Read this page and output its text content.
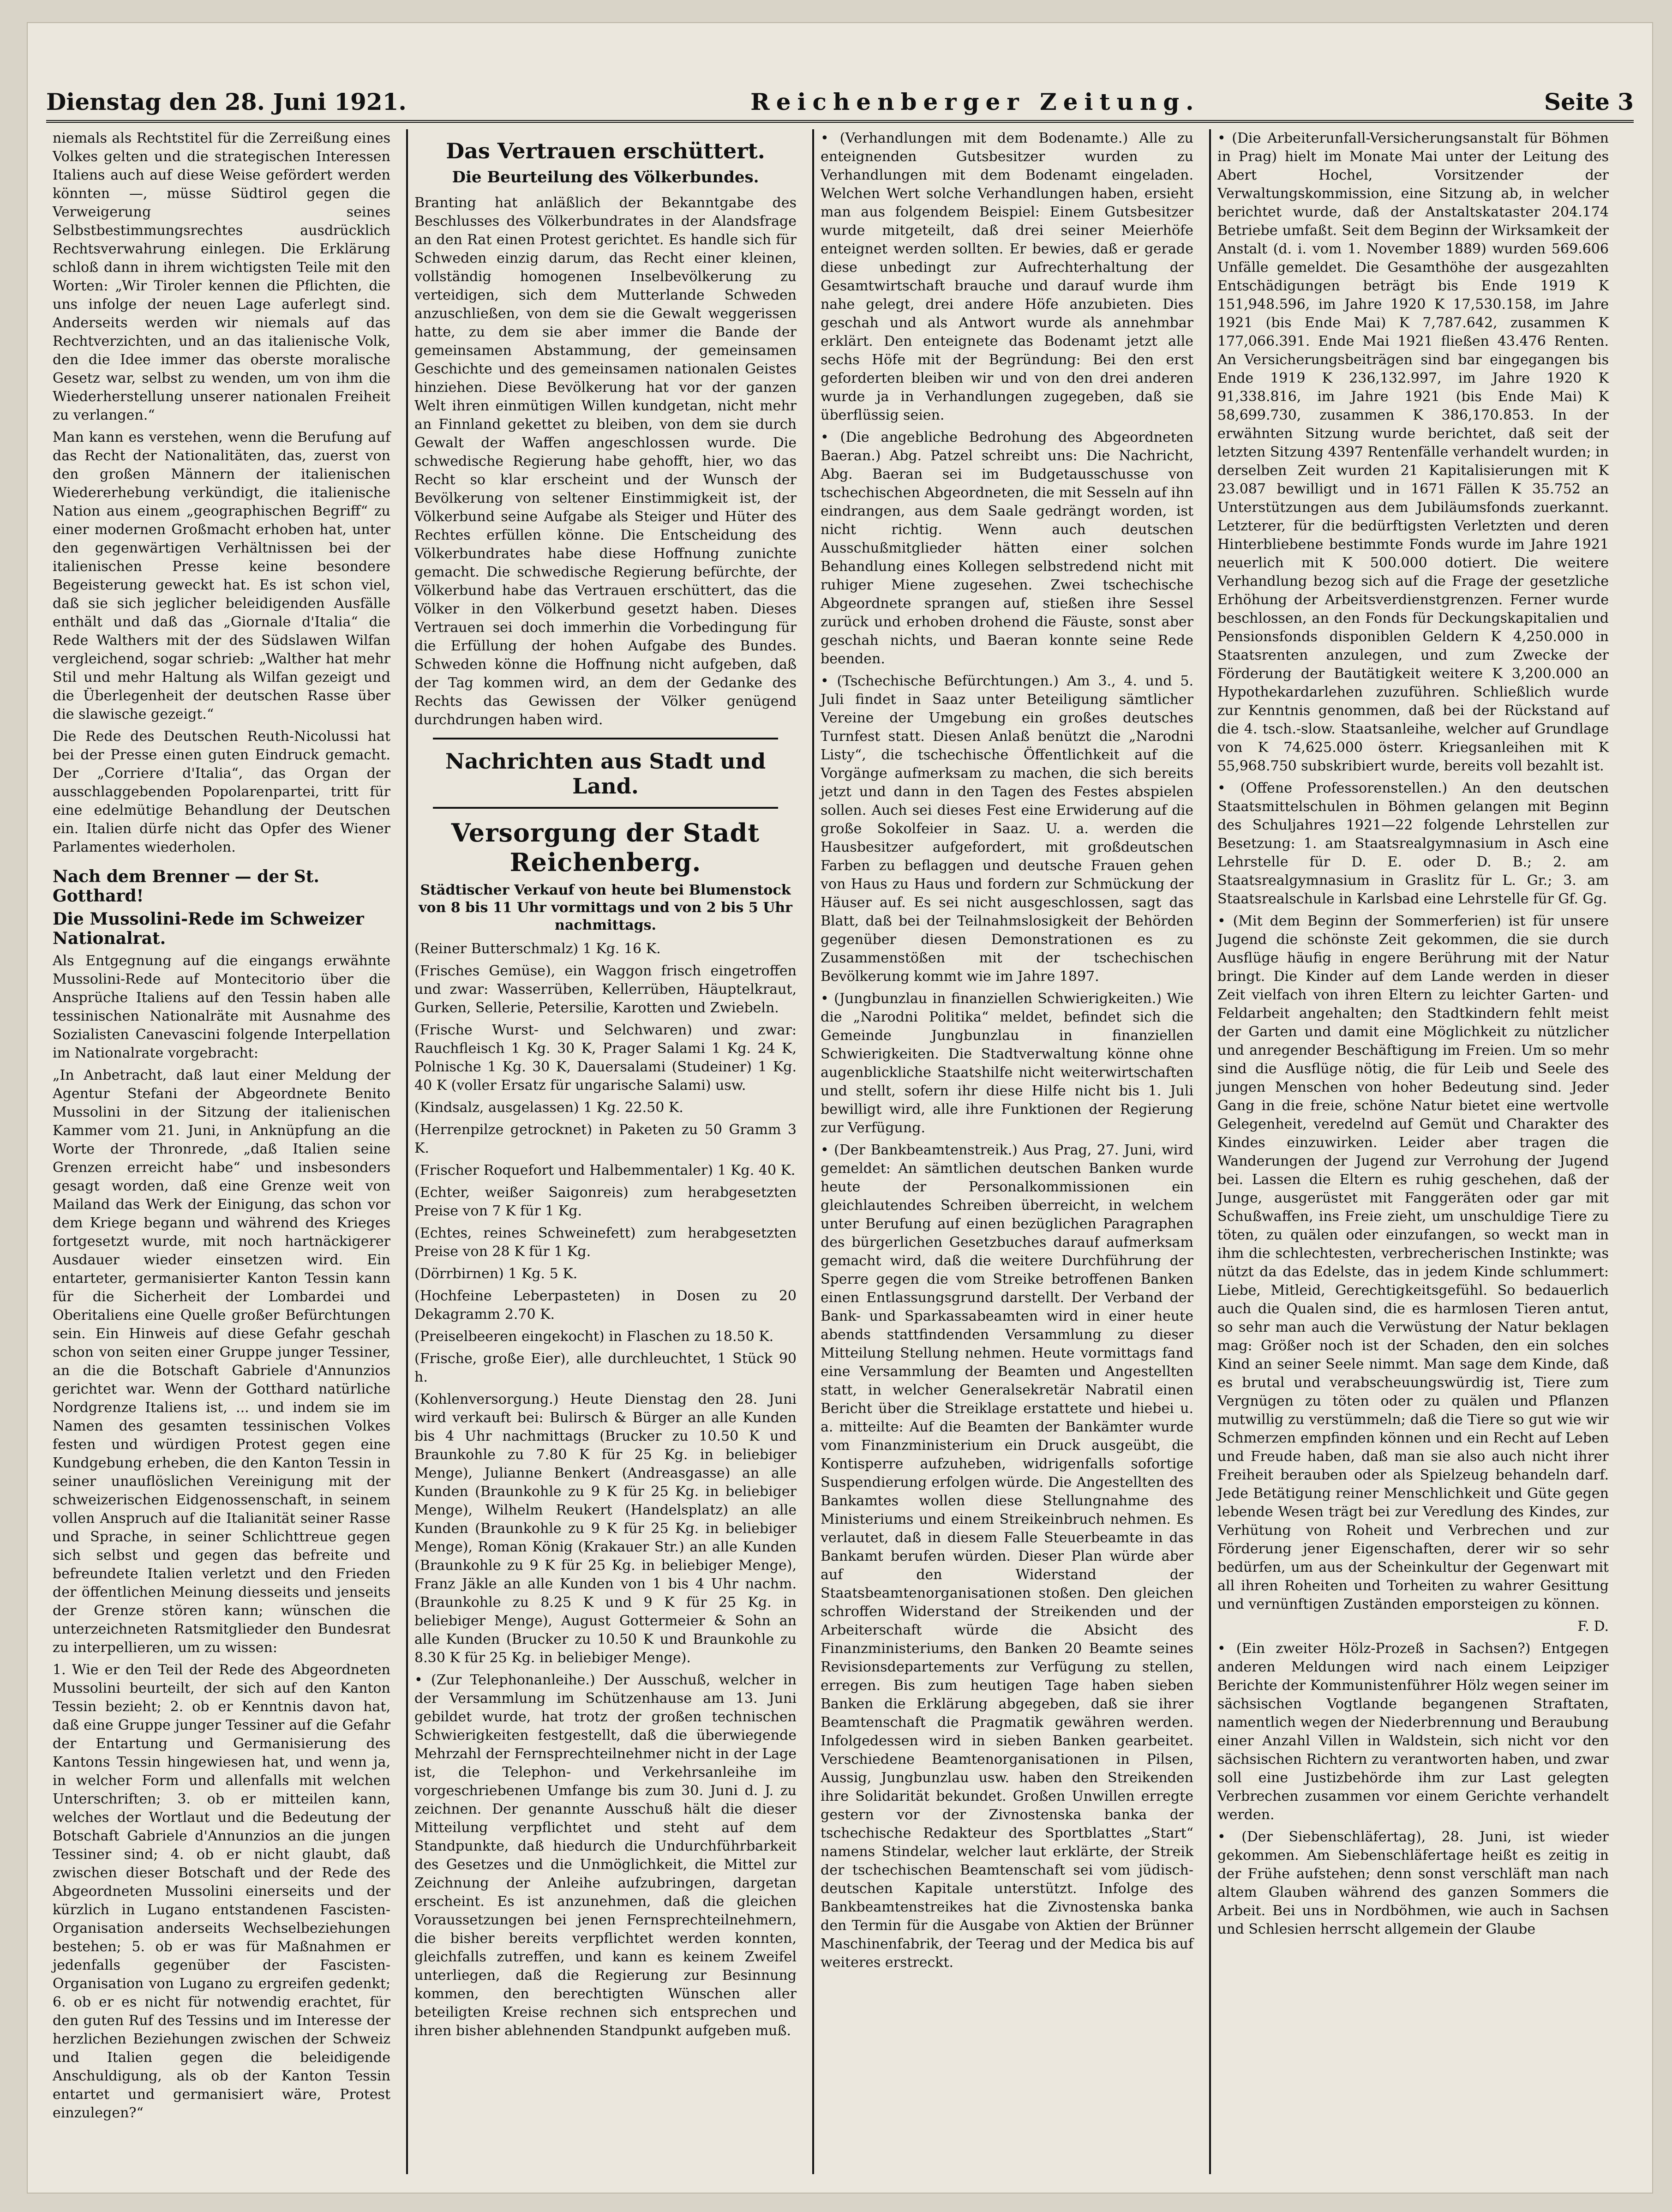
Dienstag den 28. Juni 1921.	Reichenberger Zeitung.	Seite 3

niemals als Rechtstitel für die Zerreißung eines Volkes gelten und die strategischen Interessen Italiens auch auf diese Weise gefördert werden könnten —, müsse Südtirol gegen die Verweigerung seines Selbstbestimmungsrechtes ausdrücklich Rechtsverwahrung einlegen. Die Erklärung schloß dann in ihrem wichtigsten Teile mit den Worten: „Wir Tiroler kennen die Pflichten, die uns infolge der neuen Lage auferlegt sind. Anderseits werden wir niemals auf das Rechtverzichten, und an das italienische Volk, den die Idee immer das oberste moralische Gesetz war, selbst zu wenden, um von ihm die Wiederherstellung unserer nationalen Freiheit zu verlangen.“

Man kann es verstehen, wenn die Berufung auf das Recht der Nationalitäten, das, zuerst von den großen Männern der italienischen Wiedererhebung verkündigt, die italienische Nation aus einem „geographischen Begriff“ zu einer modernen Großmacht erhoben hat, unter den gegenwärtigen Verhältnissen bei der italienischen Presse keine besondere Begeisterung geweckt hat. Es ist schon viel, daß sie sich jeglicher beleidigenden Ausfälle enthält und daß das „Giornale d'Italia“ die Rede Walthers mit der des Südslawen Wilfan vergleichend, sogar schrieb: „Walther hat mehr Stil und mehr Haltung als Wilfan gezeigt und die Überlegenheit der deutschen Rasse über die slawische gezeigt.“

Die Rede des Deutschen Reuth-Nicolussi hat bei der Presse einen guten Eindruck gemacht. Der „Corriere d'Italia“, das Organ der ausschlaggebenden Popolarenpartei, tritt für eine edelmütige Behandlung der Deutschen ein. Italien dürfe nicht das Opfer des Wiener Parlamentes wiederholen.

Nach dem Brenner — der St. Gotthard!
Die Mussolini-Rede im Schweizer Nationalrat.

Als Entgegnung auf die eingangs erwähnte Mussolini-Rede auf Montecitorio über die Ansprüche Italiens auf den Tessin haben alle tessinischen Nationalräte mit Ausnahme des Sozialisten Canevascini folgende Interpellation im Nationalrate vorgebracht:

„In Anbetracht, daß laut einer Meldung der Agentur Stefani der Abgeordnete Benito Mussolini in der Sitzung der italienischen Kammer vom 21. Juni, in Anknüpfung an die Worte der Thronrede, „daß Italien seine Grenzen erreicht habe“ und insbesonders gesagt worden, daß eine Grenze weit von Mailand das Werk der Einigung, das schon vor dem Kriege begann und während des Krieges fortgesetzt wurde, mit noch hartnäckigerer Ausdauer wieder einsetzen wird. Ein entarteter, germanisierter Kanton Tessin kann für die Sicherheit der Lombardei und Oberitaliens eine Quelle großer Befürchtungen sein. Ein Hinweis auf diese Gefahr geschah schon von seiten einer Gruppe junger Tessiner, an die die Botschaft Gabriele d'Annunzios gerichtet war. Wenn der Gotthard natürliche Nordgrenze Italiens ist, ... und indem sie im Namen des gesamten tessinischen Volkes festen und würdigen Protest gegen eine Kundgebung erheben, die den Kanton Tessin in seiner unauflöslichen Vereinigung mit der schweizerischen Eidgenossenschaft, in seinem vollen Anspruch auf die Italianität seiner Rasse und Sprache, in seiner Schlichttreue gegen sich selbst und gegen das befreite und befreundete Italien verletzt und den Frieden der öffentlichen Meinung diesseits und jenseits der Grenze stören kann; wünschen die unterzeichneten Ratsmitglieder den Bundesrat zu interpellieren, um zu wissen:

1. Wie er den Teil der Rede des Abgeordneten Mussolini beurteilt, der sich auf den Kanton Tessin bezieht; 2. ob er Kenntnis davon hat, daß eine Gruppe junger Tessiner auf die Gefahr der Entartung und Germanisierung des Kantons Tessin hingewiesen hat, und wenn ja, in welcher Form und allenfalls mit welchen Unterschriften; 3. ob er mitteilen kann, welches der Wortlaut und die Bedeutung der Botschaft Gabriele d'Annunzios an die jungen Tessiner sind; 4. ob er nicht glaubt, daß zwischen dieser Botschaft und der Rede des Abgeordneten Mussolini einerseits und der kürzlich in Lugano entstandenen Fascisten-Organisation anderseits Wechselbeziehungen bestehen; 5. ob er was für Maßnahmen er jedenfalls gegenüber der Fascisten-Organisation von Lugano zu ergreifen gedenkt; 6. ob er es nicht für notwendig erachtet, für den guten Ruf des Tessins und im Interesse der herzlichen Beziehungen zwischen der Schweiz und Italien gegen die beleidigende Anschuldigung, als ob der Kanton Tessin entartet und germanisiert wäre, Protest einzulegen?“

Das Vertrauen erschüttert.
Die Beurteilung des Völkerbundes.

Branting hat anläßlich der Bekanntgabe des Beschlusses des Völkerbundrates in der Alandsfrage an den Rat einen Protest gerichtet. Es handle sich für Schweden einzig darum, das Recht einer kleinen, vollständig homogenen Inselbevölkerung zu verteidigen, sich dem Mutterlande Schweden anzuschließen, von dem sie die Gewalt weggerissen hatte, zu dem sie aber immer die Bande der gemeinsamen Abstammung, der gemeinsamen Geschichte und des gemeinsamen nationalen Geistes hinziehen. Diese Bevölkerung hat vor der ganzen Welt ihren einmütigen Willen kundgetan, nicht mehr an Finnland gekettet zu bleiben, von dem sie durch Gewalt der Waffen angeschlossen wurde. Die schwedische Regierung habe gehofft, hier, wo das Recht so klar erscheint und der Wunsch der Bevölkerung von seltener Einstimmigkeit ist, der Völkerbund seine Aufgabe als Steiger und Hüter des Rechtes erfüllen könne. Die Entscheidung des Völkerbundrates habe diese Hoffnung zunichte gemacht. Die schwedische Regierung befürchte, der Völkerbund habe das Vertrauen erschüttert, das die Völker in den Völkerbund gesetzt haben. Dieses Vertrauen sei doch immerhin die Vorbedingung für die Erfüllung der hohen Aufgabe des Bundes. Schweden könne die Hoffnung nicht aufgeben, daß der Tag kommen wird, an dem der Gedanke des Rechts das Gewissen der Völker genügend durchdrungen haben wird.

Nachrichten aus Stadt und Land.
Versorgung der Stadt Reichenberg.
Städtischer Verkauf von heute bei Blumenstock von 8 bis 11 Uhr vormittags und von 2 bis 5 Uhr nachmittags.

(Reiner Butterschmalz) 1 Kg. 16 K.

(Frisches Gemüse), ein Waggon frisch eingetroffen und zwar: Wasserrüben, Kellerrüben, Häuptelkraut, Gurken, Sellerie, Petersilie, Karotten und Zwiebeln.

(Frische Wurst- und Selchwaren) und zwar: Rauchfleisch 1 Kg. 30 K, Prager Salami 1 Kg. 24 K, Polnische 1 Kg. 30 K, Dauersalami (Studeiner) 1 Kg. 40 K (voller Ersatz für ungarische Salami) usw.

(Kindsalz, ausgelassen) 1 Kg. 22.50 K.

(Herrenpilze getrocknet) in Paketen zu 50 Gramm 3 K.

(Frischer Roquefort und Halbemmentaler) 1 Kg. 40 K.

(Echter, weißer Saigonreis) zum herabgesetzten Preise von 7 K für 1 Kg.

(Echtes, reines Schweinefett) zum herabgesetzten Preise von 28 K für 1 Kg.

(Dörrbirnen) 1 Kg. 5 K.

(Hochfeine Leberpasteten) in Dosen zu 20 Dekagramm 2.70 K.

(Preiselbeeren eingekocht) in Flaschen zu 18.50 K.

(Frische, große Eier), alle durchleuchtet, 1 Stück 90 h.

(Kohlenversorgung.) Heute Dienstag den 28. Juni wird verkauft bei: Bulirsch & Bürger an alle Kunden bis 4 Uhr nachmittags (Brucker zu 10.50 K und Braunkohle zu 7.80 K für 25 Kg. in beliebiger Menge), Julianne Benkert (Andreasgasse) an alle Kunden (Braunkohle zu 9 K für 25 Kg. in beliebiger Menge), Wilhelm Reukert (Handelsplatz) an alle Kunden (Braunkohle zu 9 K für 25 Kg. in beliebiger Menge), Roman König (Krakauer Str.) an alle Kunden (Braunkohle zu 9 K für 25 Kg. in beliebiger Menge), Franz Jäkle an alle Kunden von 1 bis 4 Uhr nachm. (Braunkohle zu 8.25 K und 9 K für 25 Kg. in beliebiger Menge), August Gottermeier & Sohn an alle Kunden (Brucker zu 10.50 K und Braunkohle zu 8.30 K für 25 Kg. in beliebiger Menge).

• (Zur Telephonanleihe.) Der Ausschuß, welcher in der Versammlung im Schützenhause am 13. Juni gebildet wurde, hat trotz der großen technischen Schwierigkeiten festgestellt, daß die überwiegende Mehrzahl der Fernsprechteilnehmer nicht in der Lage ist, die Telephon- und Verkehrsanleihe im vorgeschriebenen Umfange bis zum 30. Juni d. J. zu zeichnen. Der genannte Ausschuß hält die dieser Mitteilung verpflichtet und steht auf dem Standpunkte, daß hiedurch die Undurchführbarkeit des Gesetzes und die Unmöglichkeit, die Mittel zur Zeichnung der Anleihe aufzubringen, dargetan erscheint. Es ist anzunehmen, daß die gleichen Voraussetzungen bei jenen Fernsprechteilnehmern, die bisher bereits verpflichtet werden konnten, gleichfalls zutreffen, und kann es keinem Zweifel unterliegen, daß die Regierung zur Besinnung kommen, den berechtigten Wünschen aller beteiligten Kreise rechnen sich entsprechen und ihren bisher ablehnenden Standpunkt aufgeben muß.

• (Verhandlungen mit dem Bodenamte.) Alle zu enteignenden Gutsbesitzer wurden zu Verhandlungen mit dem Bodenamt eingeladen. Welchen Wert solche Verhandlungen haben, ersieht man aus folgendem Beispiel: Einem Gutsbesitzer wurde mitgeteilt, daß drei seiner Meierhöfe enteignet werden sollten. Er bewies, daß er gerade diese unbedingt zur Aufrechterhaltung der Gesamtwirtschaft brauche und darauf wurde ihm nahe gelegt, drei andere Höfe anzubieten. Dies geschah und als Antwort wurde als annehmbar erklärt. Den enteignete das Bodenamt jetzt alle sechs Höfe mit der Begründung: Bei den erst geforderten bleiben wir und von den drei anderen wurde ja in Verhandlungen zugegeben, daß sie überflüssig seien.

• (Die angebliche Bedrohung des Abgeordneten Baeran.) Abg. Patzel schreibt uns: Die Nachricht, Abg. Baeran sei im Budgetausschusse von tschechischen Abgeordneten, die mit Sesseln auf ihn eindrangen, aus dem Saale gedrängt worden, ist nicht richtig. Wenn auch deutschen Ausschußmitglieder hätten einer solchen Behandlung eines Kollegen selbstredend nicht mit ruhiger Miene zugesehen. Zwei tschechische Abgeordnete sprangen auf, stießen ihre Sessel zurück und erhoben drohend die Fäuste, sonst aber geschah nichts, und Baeran konnte seine Rede beenden.

• (Tschechische Befürchtungen.) Am 3., 4. und 5. Juli findet in Saaz unter Beteiligung sämtlicher Vereine der Umgebung ein großes deutsches Turnfest statt. Diesen Anlaß benützt die „Narodni Listy“, die tschechische Öffentlichkeit auf die Vorgänge aufmerksam zu machen, die sich bereits jetzt und dann in den Tagen des Festes abspielen sollen. Auch sei dieses Fest eine Erwiderung auf die große Sokolfeier in Saaz. U. a. werden die Hausbesitzer aufgefordert, mit großdeutschen Farben zu beflaggen und deutsche Frauen gehen von Haus zu Haus und fordern zur Schmückung der Häuser auf. Es sei nicht ausgeschlossen, sagt das Blatt, daß bei der Teilnahmslosigkeit der Behörden gegenüber diesen Demonstrationen es zu Zusammenstößen mit der tschechischen Bevölkerung kommt wie im Jahre 1897.

• (Jungbunzlau in finanziellen Schwierigkeiten.) Wie die „Narodni Politika“ meldet, befindet sich die Gemeinde Jungbunzlau in finanziellen Schwierigkeiten. Die Stadtverwaltung könne ohne augenblickliche Staatshilfe nicht weiterwirtschaften und stellt, sofern ihr diese Hilfe nicht bis 1. Juli bewilligt wird, alle ihre Funktionen der Regierung zur Verfügung.

• (Der Bankbeamtenstreik.) Aus Prag, 27. Juni, wird gemeldet: An sämtlichen deutschen Banken wurde heute der Personalkommissionen ein gleichlautendes Schreiben überreicht, in welchem unter Berufung auf einen bezüglichen Paragraphen des bürgerlichen Gesetzbuches darauf aufmerksam gemacht wird, daß die weitere Durchführung der Sperre gegen die vom Streike betroffenen Banken einen Entlassungsgrund darstellt. Der Verband der Bank- und Sparkassabeamten wird in einer heute abends stattfindenden Versammlung zu dieser Mitteilung Stellung nehmen. Heute vormittags fand eine Versammlung der Beamten und Angestellten statt, in welcher Generalsekretär Nabratil einen Bericht über die Streiklage erstattete und hiebei u. a. mitteilte: Auf die Beamten der Bankämter wurde vom Finanzministerium ein Druck ausgeübt, die Kontisperre aufzuheben, widrigenfalls sofortige Suspendierung erfolgen würde. Die Angestellten des Bankamtes wollen diese Stellungnahme des Ministeriums und einem Streikeinbruch nehmen. Es verlautet, daß in diesem Falle Steuerbeamte in das Bankamt berufen würden. Dieser Plan würde aber auf den Widerstand der Staatsbeamtenorganisationen stoßen. Den gleichen schroffen Widerstand der Streikenden und der Arbeiterschaft würde die Absicht des Finanzministeriums, den Banken 20 Beamte seines Revisionsdepartements zur Verfügung zu stellen, erregen. Bis zum heutigen Tage haben sieben Banken die Erklärung abgegeben, daß sie ihrer Beamtenschaft die Pragmatik gewähren werden. Infolgedessen wird in sieben Banken gearbeitet. Verschiedene Beamtenorganisationen in Pilsen, Aussig, Jungbunzlau usw. haben den Streikenden ihre Solidarität bekundet. Großen Unwillen erregte gestern vor der Zivnostenska banka der tschechische Redakteur des Sportblattes „Start“ namens Stindelar, welcher laut erklärte, der Streik der tschechischen Beamtenschaft sei vom jüdisch-deutschen Kapitale unterstützt. Infolge des Bankbeamtenstreikes hat die Zivnostenska banka den Termin für die Ausgabe von Aktien der Brünner Maschinenfabrik, der Teerag und der Medica bis auf weiteres erstreckt.

• (Die Arbeiterunfall-Versicherungsanstalt für Böhmen in Prag) hielt im Monate Mai unter der Leitung des Abert Hochel, Vorsitzender der Verwaltungskommission, eine Sitzung ab, in welcher berichtet wurde, daß der Anstaltskataster 204.174 Betriebe umfaßt. Seit dem Beginn der Wirksamkeit der Anstalt (d. i. vom 1. November 1889) wurden 569.606 Unfälle gemeldet. Die Gesamthöhe der ausgezahlten Entschädigungen beträgt bis Ende 1919 K 151,948.596, im Jahre 1920 K 17,530.158, im Jahre 1921 (bis Ende Mai) K 7,787.642, zusammen K 177,066.391. Ende Mai 1921 fließen 43.476 Renten. An Versicherungsbeiträgen sind bar eingegangen bis Ende 1919 K 236,132.997, im Jahre 1920 K 91,338.816, im Jahre 1921 (bis Ende Mai) K 58,699.730, zusammen K 386,170.853. In der erwähnten Sitzung wurde berichtet, daß seit der letzten Sitzung 4397 Rentenfälle verhandelt wurden; in derselben Zeit wurden 21 Kapitalisierungen mit K 23.087 bewilligt und in 1671 Fällen K 35.752 an Unterstützungen aus dem Jubiläumsfonds zuerkannt. Letzterer, für die bedürftigsten Verletzten und deren Hinterbliebene bestimmte Fonds wurde im Jahre 1921 neuerlich mit K 500.000 dotiert. Die weitere Verhandlung bezog sich auf die Frage der gesetzliche Erhöhung der Arbeitsverdienstgrenzen. Ferner wurde beschlossen, an den Fonds für Deckungskapitalien und Pensionsfonds disponiblen Geldern K 4,250.000 in Staatsrenten anzulegen, und zum Zwecke der Förderung der Bautätigkeit weitere K 3,200.000 an Hypothekardarlehen zuzuführen. Schließlich wurde zur Kenntnis genommen, daß bei der Rückstand auf die 4. tsch.-slow. Staatsanleihe, welcher auf Grundlage von K 74,625.000 österr. Kriegsanleihen mit K 55,968.750 subskribiert wurde, bereits voll bezahlt ist.

• (Offene Professorenstellen.) An den deutschen Staatsmittelschulen in Böhmen gelangen mit Beginn des Schuljahres 1921—22 folgende Lehrstellen zur Besetzung: 1. am Staatsrealgymnasium in Asch eine Lehrstelle für D. E. oder D. B.; 2. am Staatsrealgymnasium in Graslitz für L. Gr.; 3. am Staatsrealschule in Karlsbad eine Lehrstelle für Gf. Gg.

• (Mit dem Beginn der Sommerferien) ist für unsere Jugend die schönste Zeit gekommen, die sie durch Ausflüge häufig in engere Berührung mit der Natur bringt. Die Kinder auf dem Lande werden in dieser Zeit vielfach von ihren Eltern zu leichter Garten- und Feldarbeit angehalten; den Stadtkindern fehlt meist der Garten und damit eine Möglichkeit zu nützlicher und anregender Beschäftigung im Freien. Um so mehr sind die Ausflüge nötig, die für Leib und Seele des jungen Menschen von hoher Bedeutung sind. Jeder Gang in die freie, schöne Natur bietet eine wertvolle Gelegenheit, veredelnd auf Gemüt und Charakter des Kindes einzuwirken. Leider aber tragen die Wanderungen der Jugend zur Verrohung der Jugend bei. Lassen die Eltern es ruhig geschehen, daß der Junge, ausgerüstet mit Fanggeräten oder gar mit Schußwaffen, ins Freie zieht, um unschuldige Tiere zu töten, zu quälen oder einzufangen, so weckt man in ihm die schlechtesten, verbrecherischen Instinkte; was nützt da das Edelste, das in jedem Kinde schlummert: Liebe, Mitleid, Gerechtigkeitsgefühl. So bedauerlich auch die Qualen sind, die es harmlosen Tieren antut, so sehr man auch die Verwüstung der Natur beklagen mag: Größer noch ist der Schaden, den ein solches Kind an seiner Seele nimmt. Man sage dem Kinde, daß es brutal und verabscheuungswürdig ist, Tiere zum Vergnügen zu töten oder zu quälen und Pflanzen mutwillig zu verstümmeln; daß die Tiere so gut wie wir Schmerzen empfinden können und ein Recht auf Leben und Freude haben, daß man sie also auch nicht ihrer Freiheit berauben oder als Spielzeug behandeln darf. Jede Betätigung reiner Menschlichkeit und Güte gegen lebende Wesen trägt bei zur Veredlung des Kindes, zur Verhütung von Roheit und Verbrechen und zur Förderung jener Eigenschaften, derer wir so sehr bedürfen, um aus der Scheinkultur der Gegenwart mit all ihren Roheiten und Torheiten zu wahrer Gesittung und vernünftigen Zuständen emporsteigen zu können.

F. D.

• (Ein zweiter Hölz-Prozeß in Sachsen?) Entgegen anderen Meldungen wird nach einem Leipziger Berichte der Kommunistenführer Hölz wegen seiner im sächsischen Vogtlande begangenen Straftaten, namentlich wegen der Niederbrennung und Beraubung einer Anzahl Villen in Waldstein, sich nicht vor den sächsischen Richtern zu verantworten haben, und zwar soll eine Justizbehörde ihm zur Last gelegten Verbrechen zusammen vor einem Gerichte verhandelt werden.

• (Der Siebenschläfertag), 28. Juni, ist wieder gekommen. Am Siebenschläfertage heißt es zeitig in der Frühe aufstehen; denn sonst verschläft man nach altem Glauben während des ganzen Sommers die Arbeit. Bei uns in Nordböhmen, wie auch in Sachsen und Schlesien herrscht allgemein der Glaube
